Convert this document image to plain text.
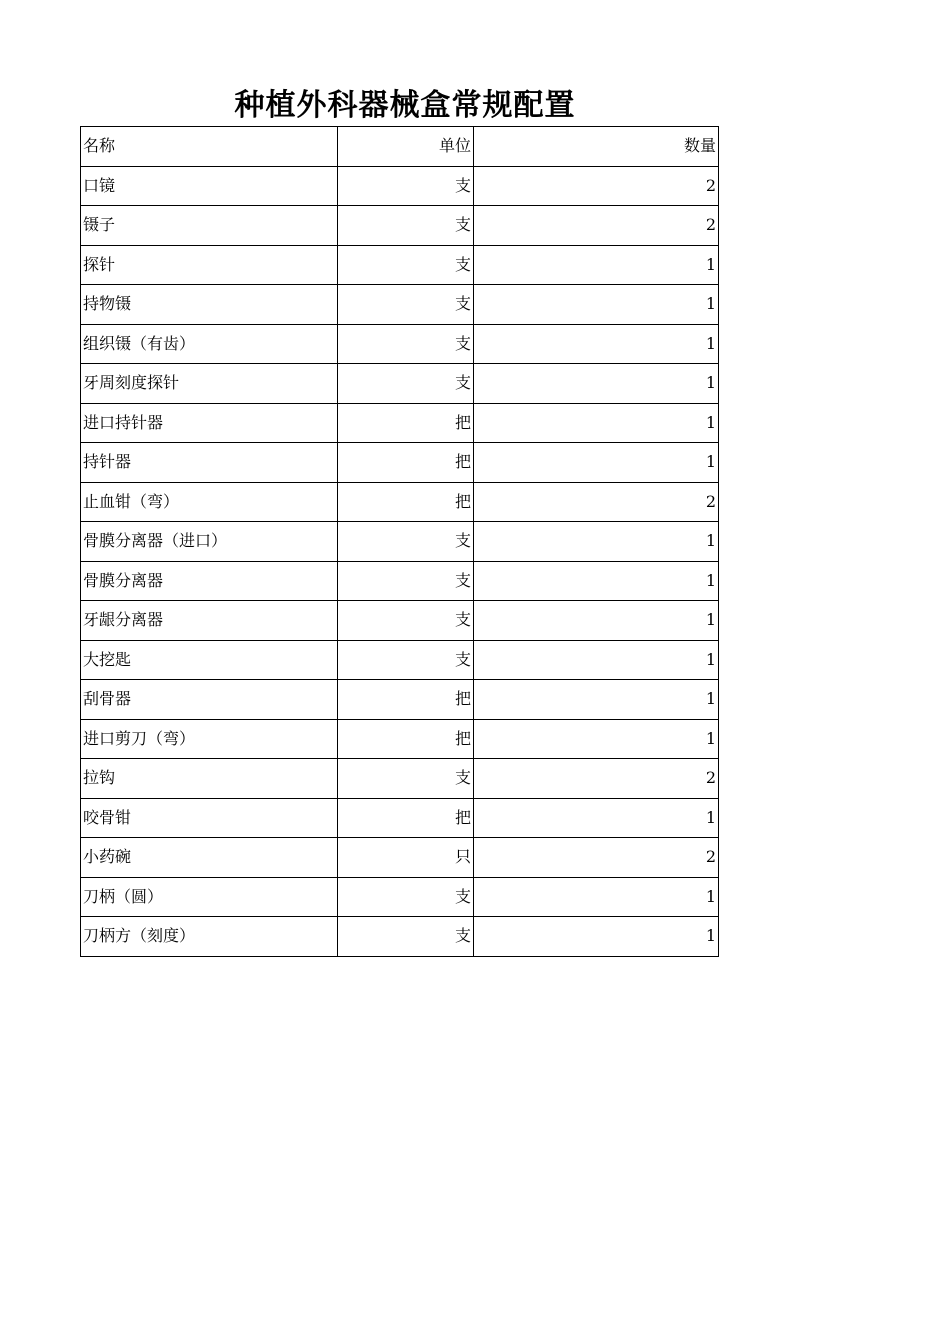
种植外科器械盒常规配置
名称	单位	数量
口镜	支	2
镊子	支	2
探针	支	1
持物镊	支	1
组织镊（有齿）	支	1
牙周刻度探针	支	1
进口持针器	把	1
持针器	把	1
止血钳（弯）	把	2
骨膜分离器（进口）	支	1
骨膜分离器	支	1
牙龈分离器	支	1
大挖匙	支	1
刮骨器	把	1
进口剪刀（弯）	把	1
拉钩	支	2
咬骨钳	把	1
小药碗	只	2
刀柄（圆）	支	1
刀柄方（刻度）	支	1
